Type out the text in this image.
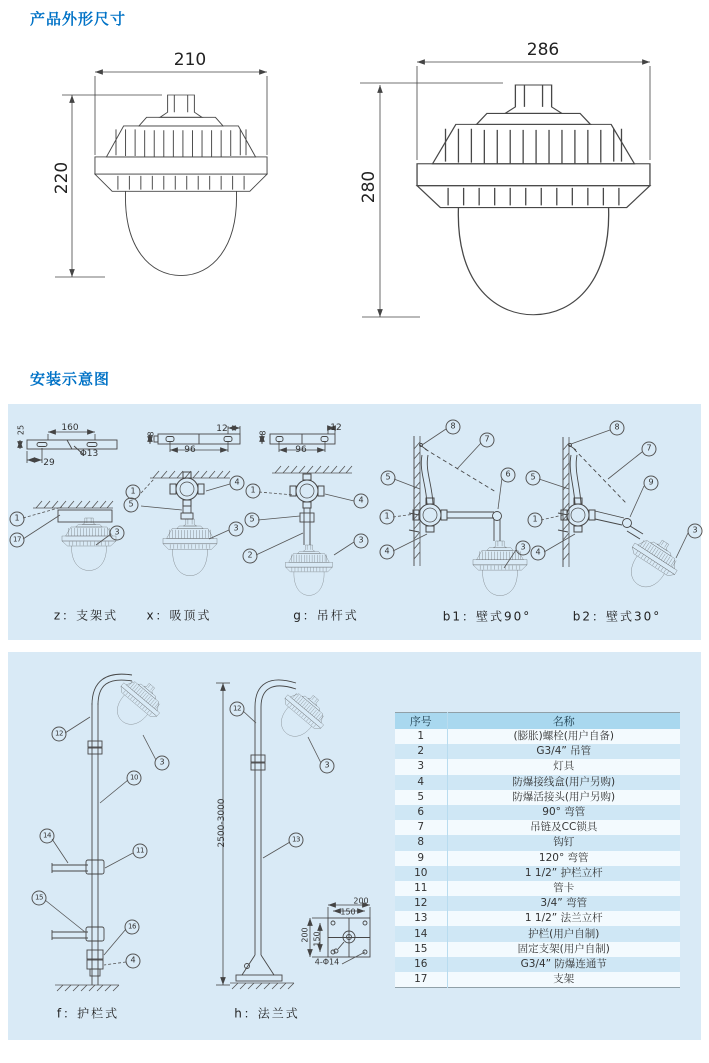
产品外形尺寸
210
220
286
280
安装示意图
160
Φ13
29
25
1
17
3
z：支架式
12
96
8
1
5
4
3
x：吸顶式
12
96
8
1
4
5
2
3
g：吊杆式
8
7
5	6
1
4	3
b1：壁式90°
8
7
5
9
1
4
3
b2：壁式30°
12
3
10
14
11
15
16
4
2500-3000
f：护栏式
12
3
13
200
150
200 150
4-Φ14
h：法兰式
序号	名称
1	(膨胀)螺栓(用户自备)
2	G3/4” 吊管
3	灯具
4	防爆接线盒(用户另购)
5	防爆活接头(用户另购)
6	90° 弯管
7	吊链及CC锁具
8	钩钉
9	120° 弯管
10	1 1/2” 护栏立杆
11	管卡
12	3/4” 弯管
13	1 1/2” 法兰立杆
14	护栏(用户自制)
15	固定支架(用户自制)
16	G3/4” 防爆连通节
17	支架
